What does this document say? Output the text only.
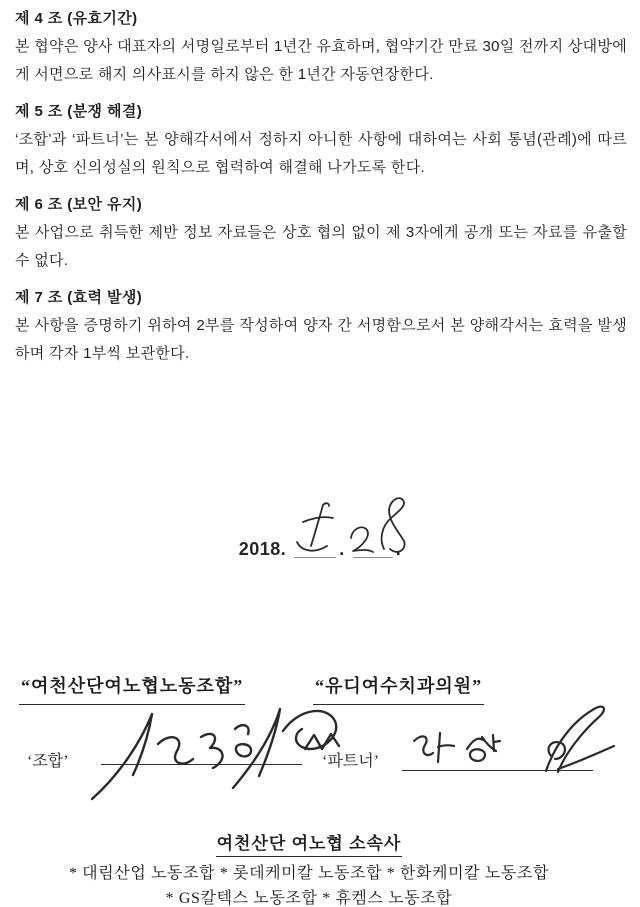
제 4 조 (유효기간)

본 협약은 양사 대표자의 서명일로부터 1년간 유효하며, 협약기간 만료 30일 전까지 상대방에게 서면으로 해지 의사표시를 하지 않은 한 1년간 자동연장한다.

제 5 조 (분쟁 해결)

‘조합’과 ‘파트너’는 본 양해각서에서 정하지 아니한 사항에 대하여는 사회 통념(관례)에 따르며, 상호 신의성실의 원칙으로 협력하여 해결해 나가도록 한다.

제 6 조 (보안 유지)

본 사업으로 취득한 제반 정보 자료들은 상호 협의 없이 제 3자에게 공개 또는 자료를 유출할 수 없다.

제 7 조 (효력 발생)

본 사항을 증명하기 위하여 2부를 작성하여 양자 간 서명함으로서 본 양해각서는 효력을 발생하며 각자 1부씩 보관한다.

2018.	.	.
“여천산단여노협노동조합”	“유디여수치과의원”
‘조합’	‘파트너’
여천산단 여노협 소속사

* 대림산업 노동조합 * 롯데케미칼 노동조합 * 한화케미칼 노동조합

* GS칼텍스 노동조합 * 휴켐스 노동조합
